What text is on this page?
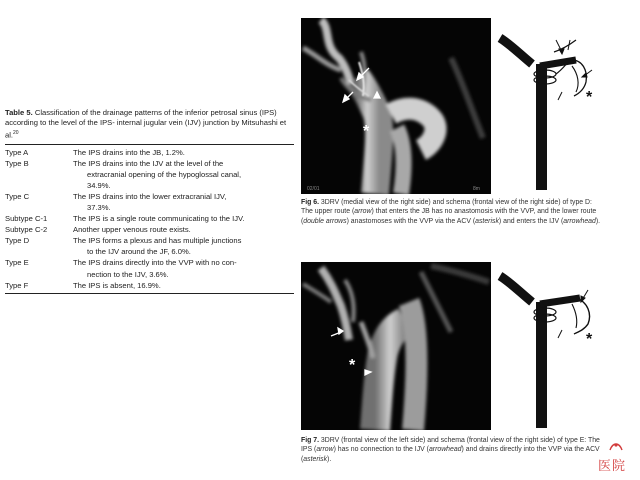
Table 5. Classification of the drainage patterns of the inferior petrosal sinus (IPS) according to the level of the IPS- internal jugular vein (IJV) junction by Mitsuhashi et al.$^{20}$

Type A	The IPS drains into the JB, 1.2%.

Type B	The IPS drains into the IJV at the level of the
extracranial opening of the hypoglossal canal,
34.9%.

Type C	The IPS drains into the lower extracranial IJV,
37.3%.

Subtype C-1	The IPS is a single route communicating to the IJV.

Subtype C-2	Another upper venous route exists.

Type D	The IPS forms a plexus and has multiple junctions
to the IJV around the JF, 6.0%.

Type E	The IPS drains directly into the VVP with no con-
nection to the IJV, 3.6%.

Type F	The IPS is absent, 16.9%.
*
02/01	8m
*
Fig 6. 3DRV (medial view of the right side) and schema (frontal view of the right side) of type D: The upper route (arrow) that enters the JB has no anastomosis with the VVP, and the lower route (double arrows) anastomoses with the VVP via the ACV (asterisk) and enters the IJV (arrowhead).
*
*
Fig 7. 3DRV (frontal view of the left side) and schema (frontal view of the right side) of type E: The IPS (arrow) has no connection to the IJV (arrowhead) and drains directly into the VVP via the ACV (asterisk).	医院
